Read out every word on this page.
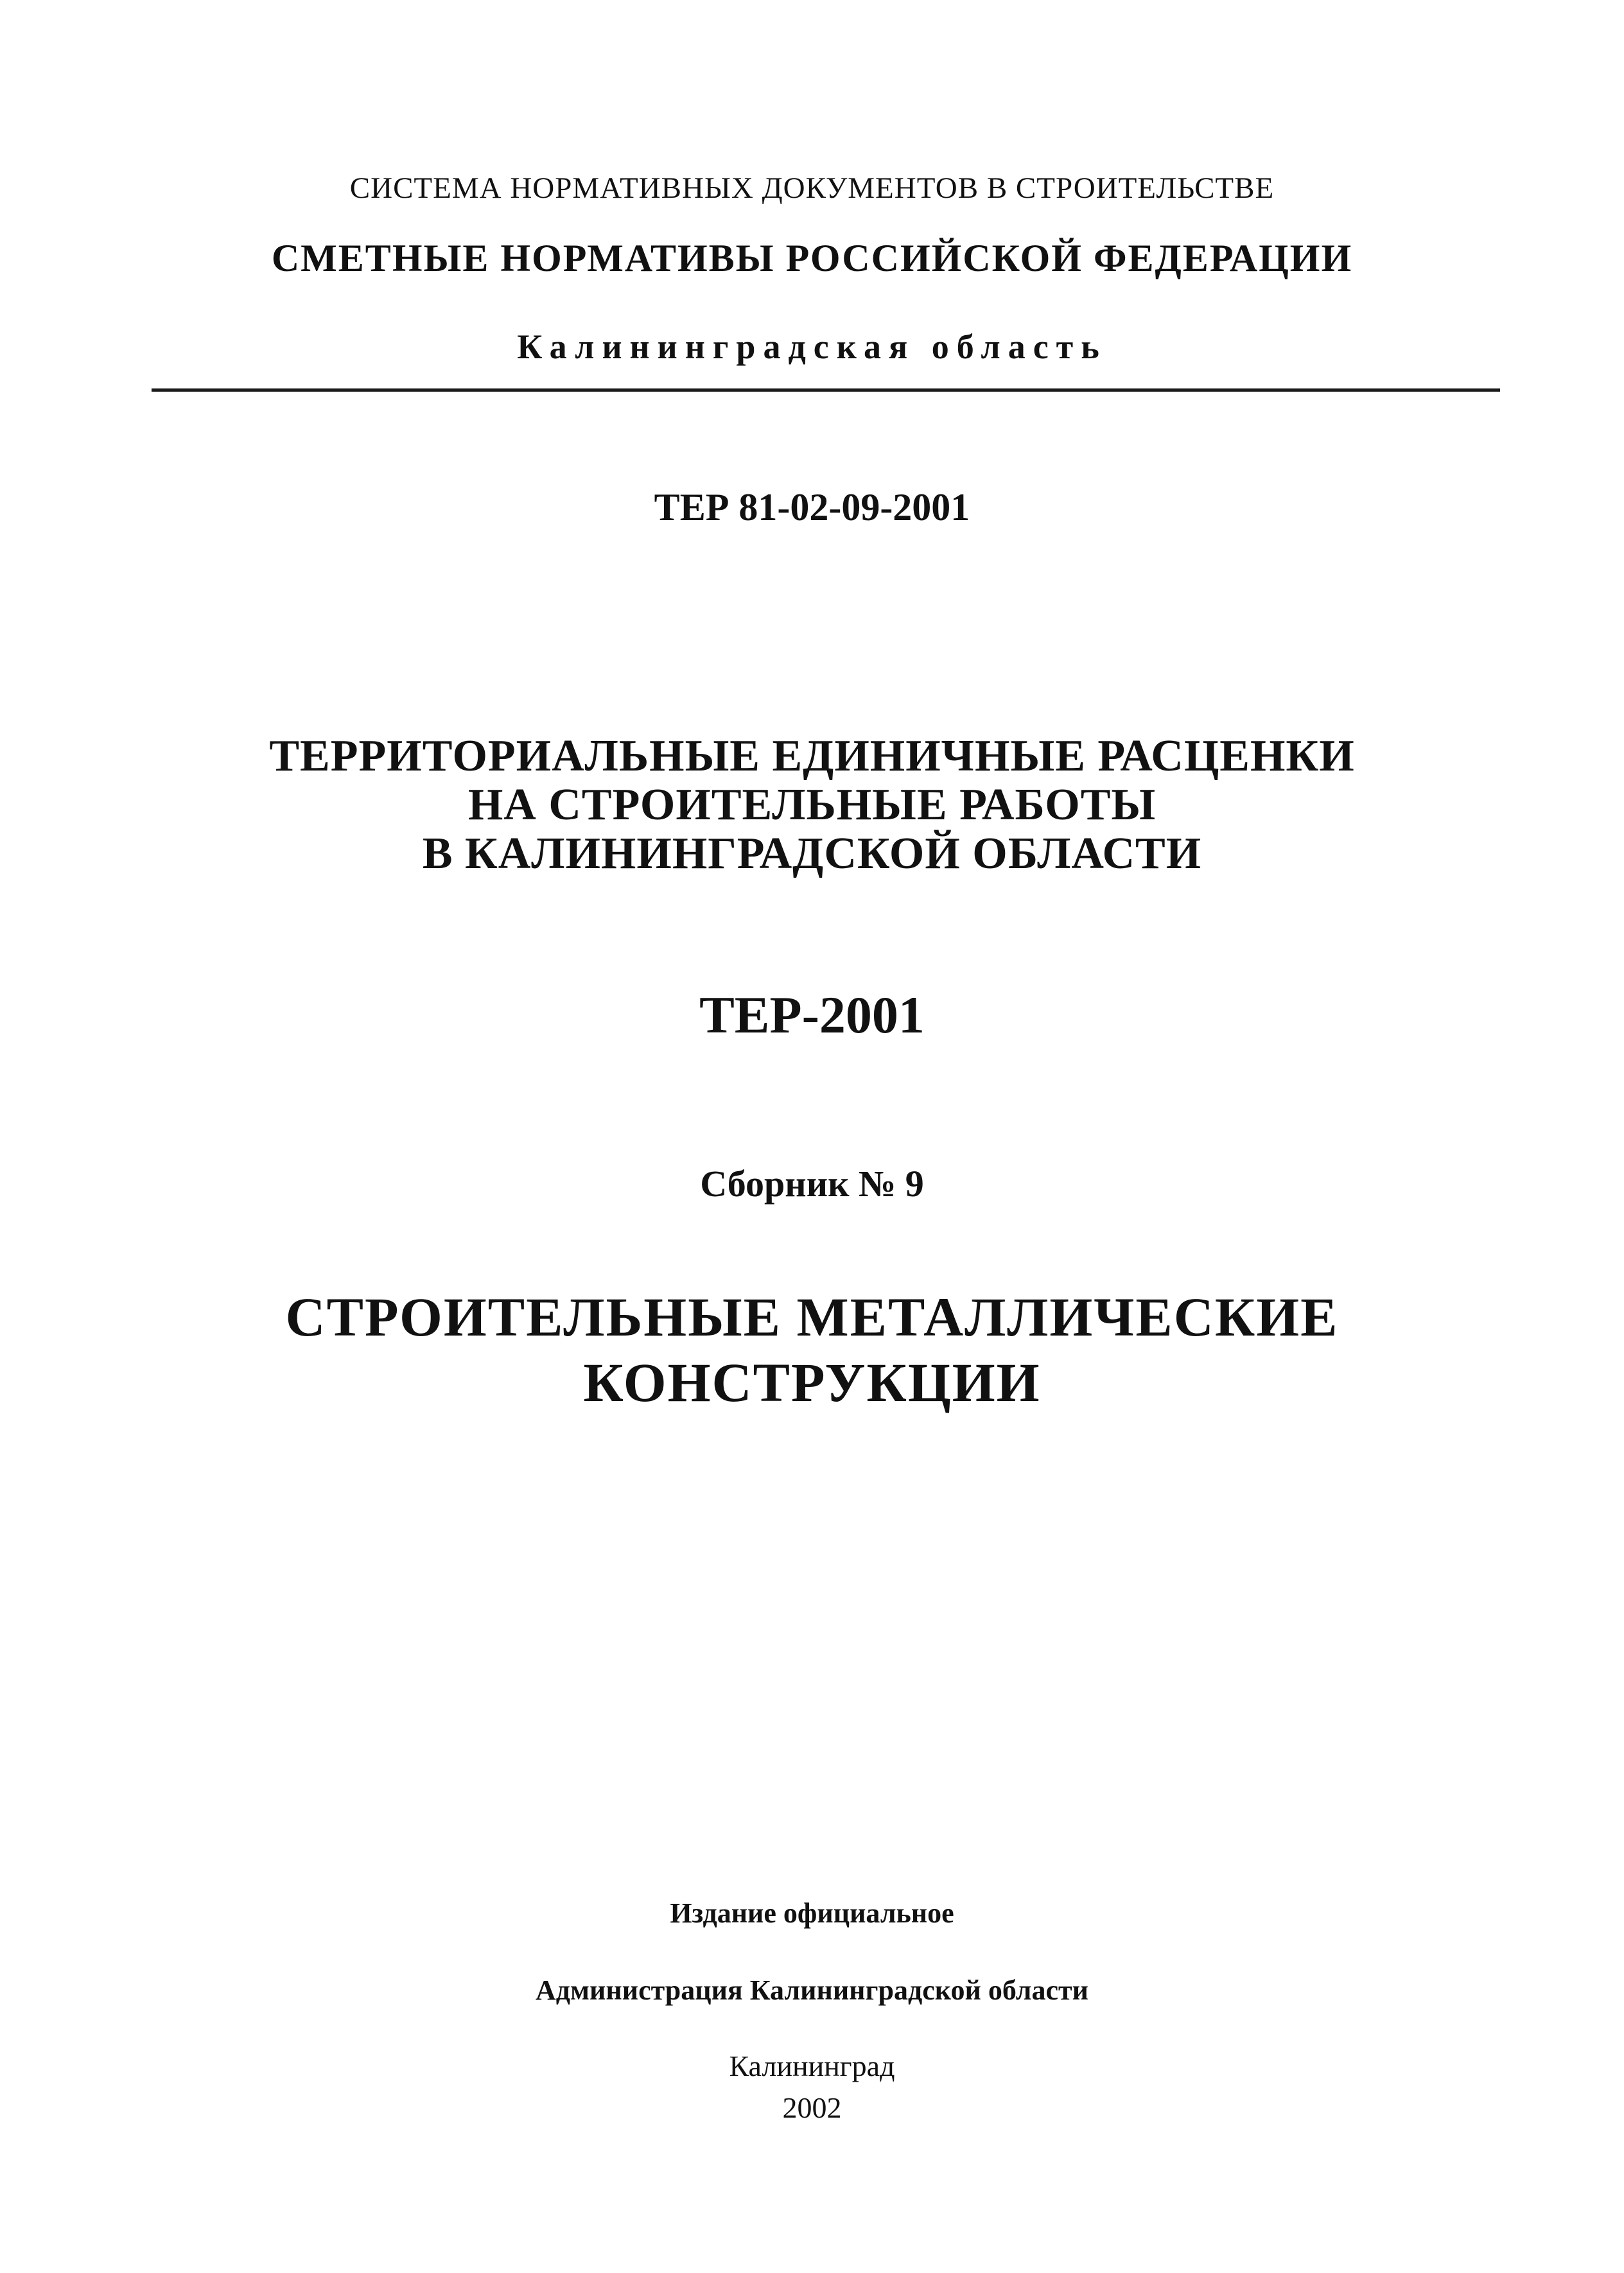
СИСТЕМА НОРМАТИВНЫХ ДОКУМЕНТОВ В СТРОИТЕЛЬСТВЕ
СМЕТНЫЕ НОРМАТИВЫ РОССИЙСКОЙ ФЕДЕРАЦИИ
Калининградская область
ТЕР 81-02-09-2001
ТЕРРИТОРИАЛЬНЫЕ ЕДИНИЧНЫЕ РАСЦЕНКИ
НА СТРОИТЕЛЬНЫЕ РАБОТЫ
В КАЛИНИНГРАДСКОЙ ОБЛАСТИ
ТЕР-2001
Сборник № 9
СТРОИТЕЛЬНЫЕ МЕТАЛЛИЧЕСКИЕ
КОНСТРУКЦИИ
Издание официальное
Администрация Калининградской области
Калининград
2002
